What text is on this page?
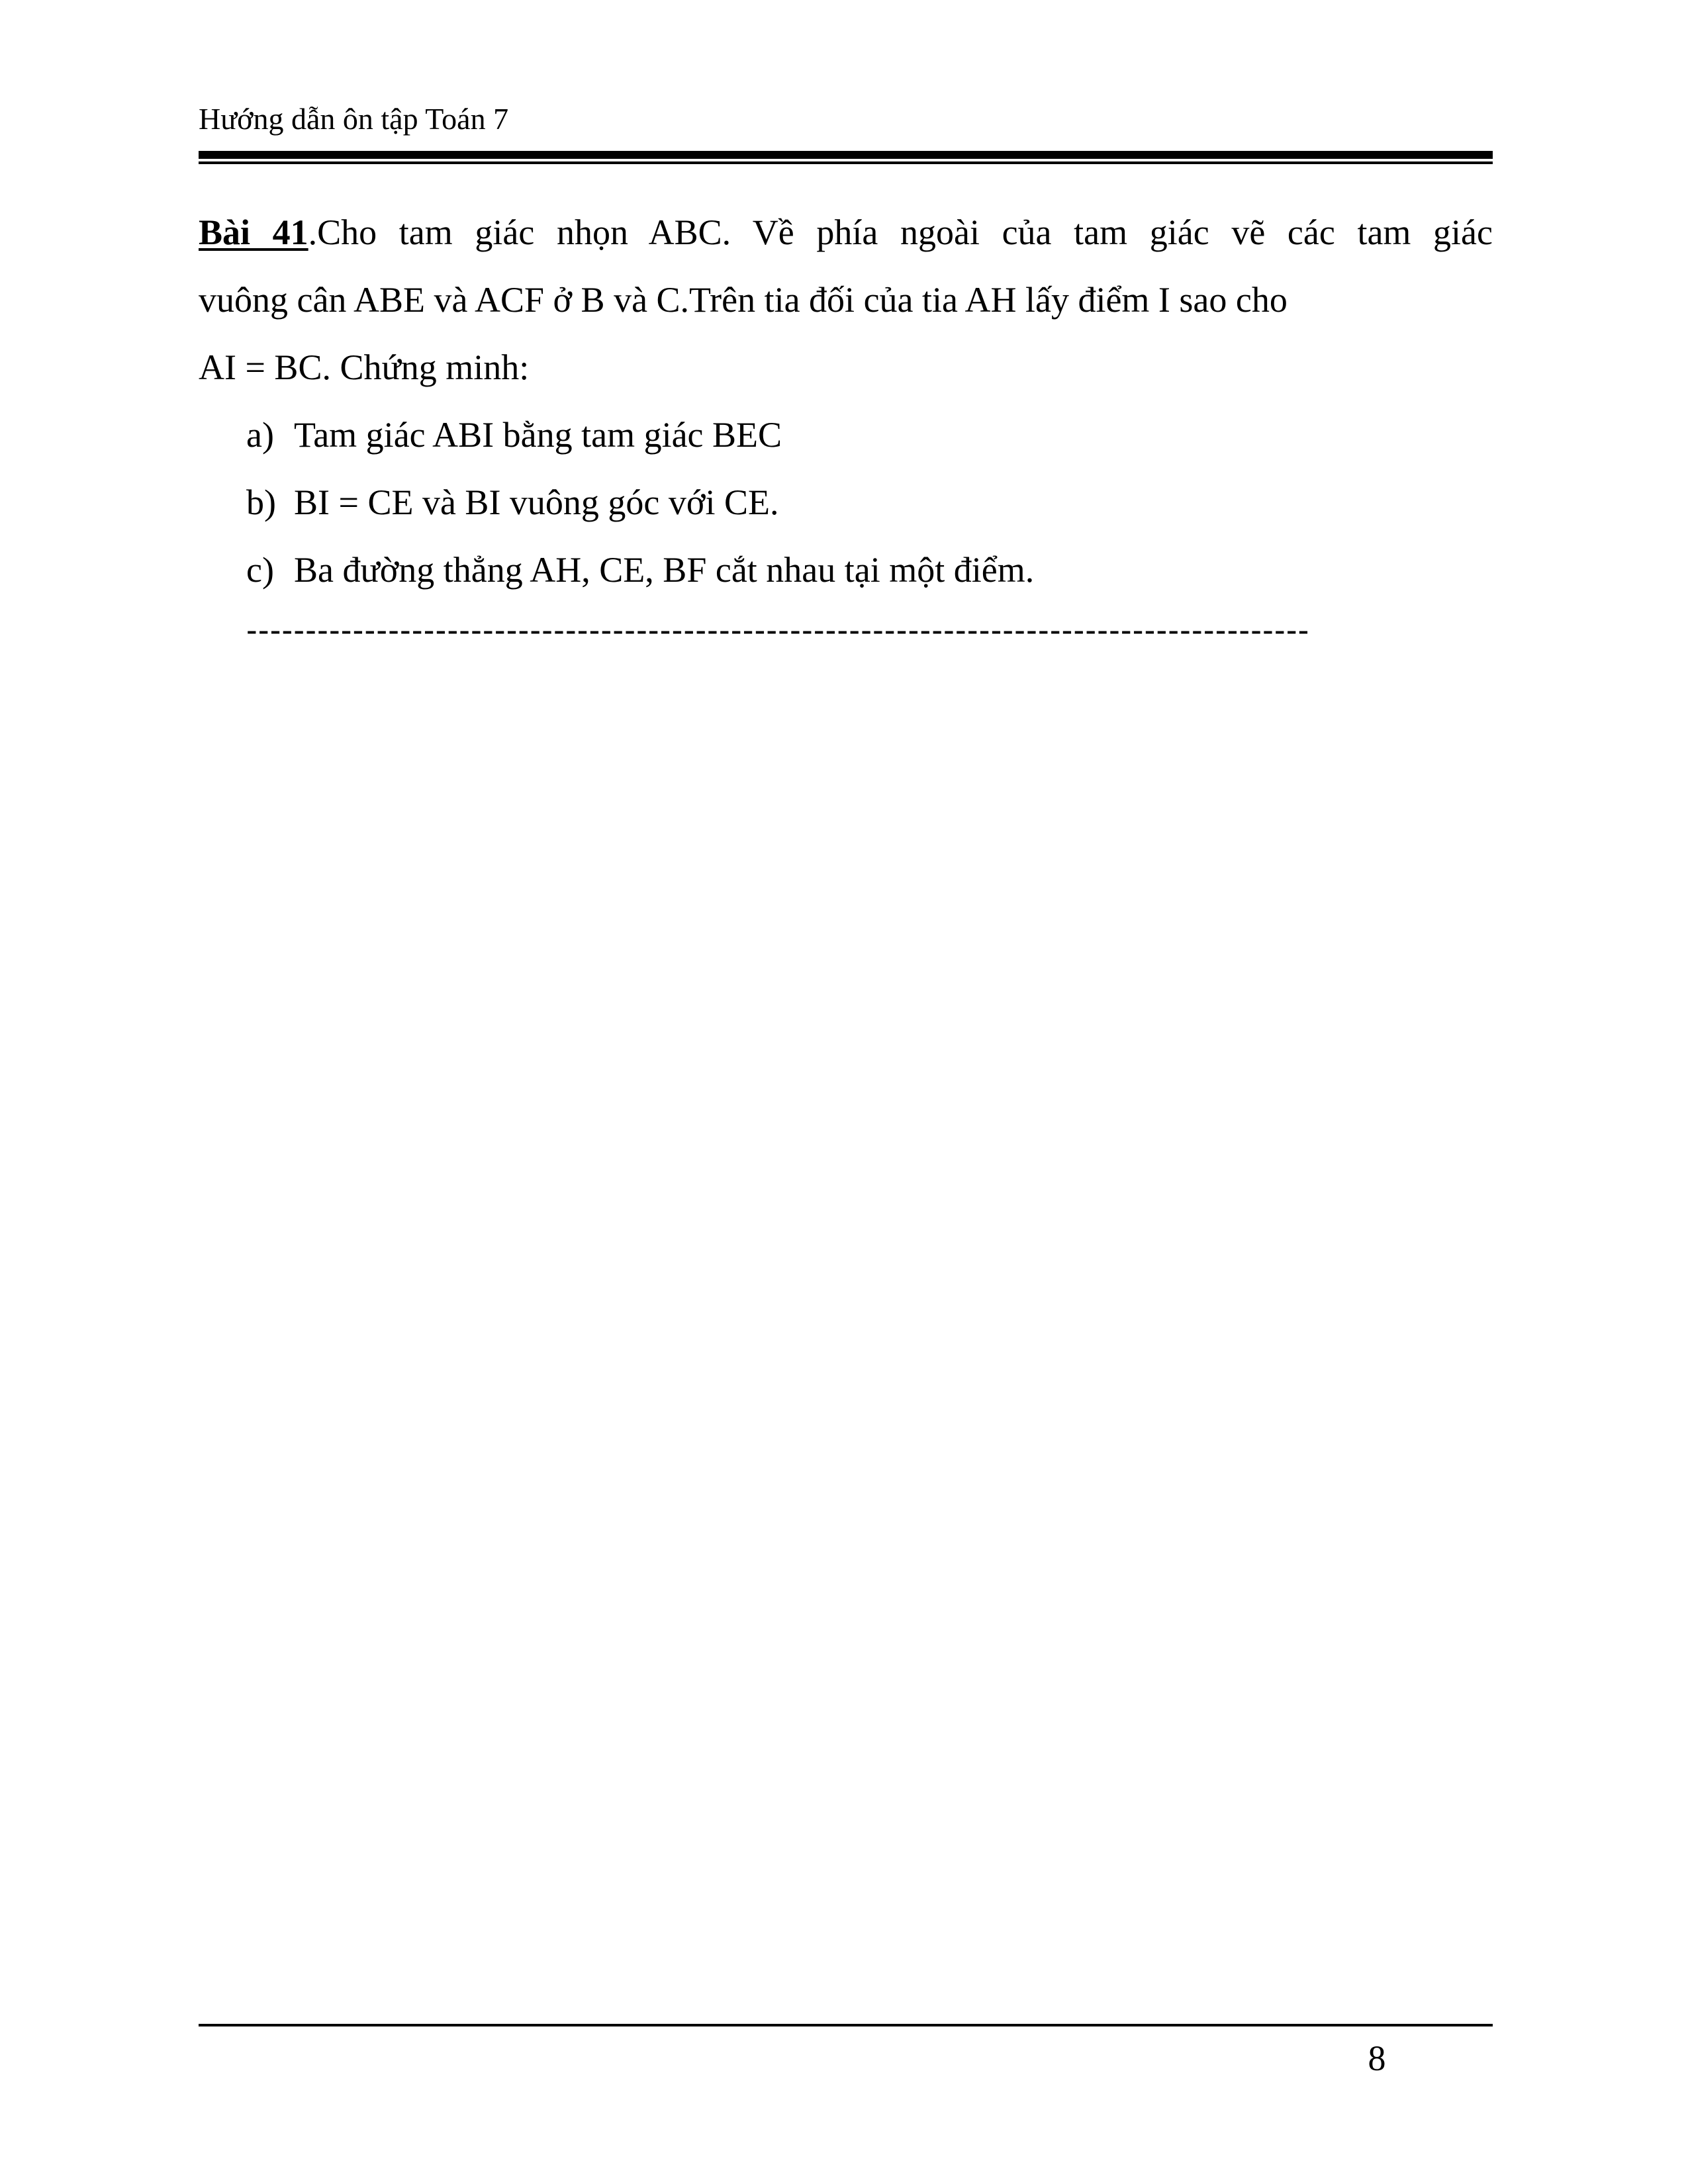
Hướng dẫn ôn tập Toán 7
Bài 41.Cho tam giác nhọn ABC. Về phía ngoài của tam giác vẽ các tam giác
vuông cân ABE và ACF ở B và C.Trên tia đối của tia AH lấy điểm I sao cho
AI = BC. Chứng minh:
a) Tam giác ABI bằng tam giác BEC
b) BI = CE và BI vuông góc với CE.
c) Ba đường thẳng AH, CE, BF cắt nhau tại một điểm.
------------------------------------------------------------------------------------------
8
